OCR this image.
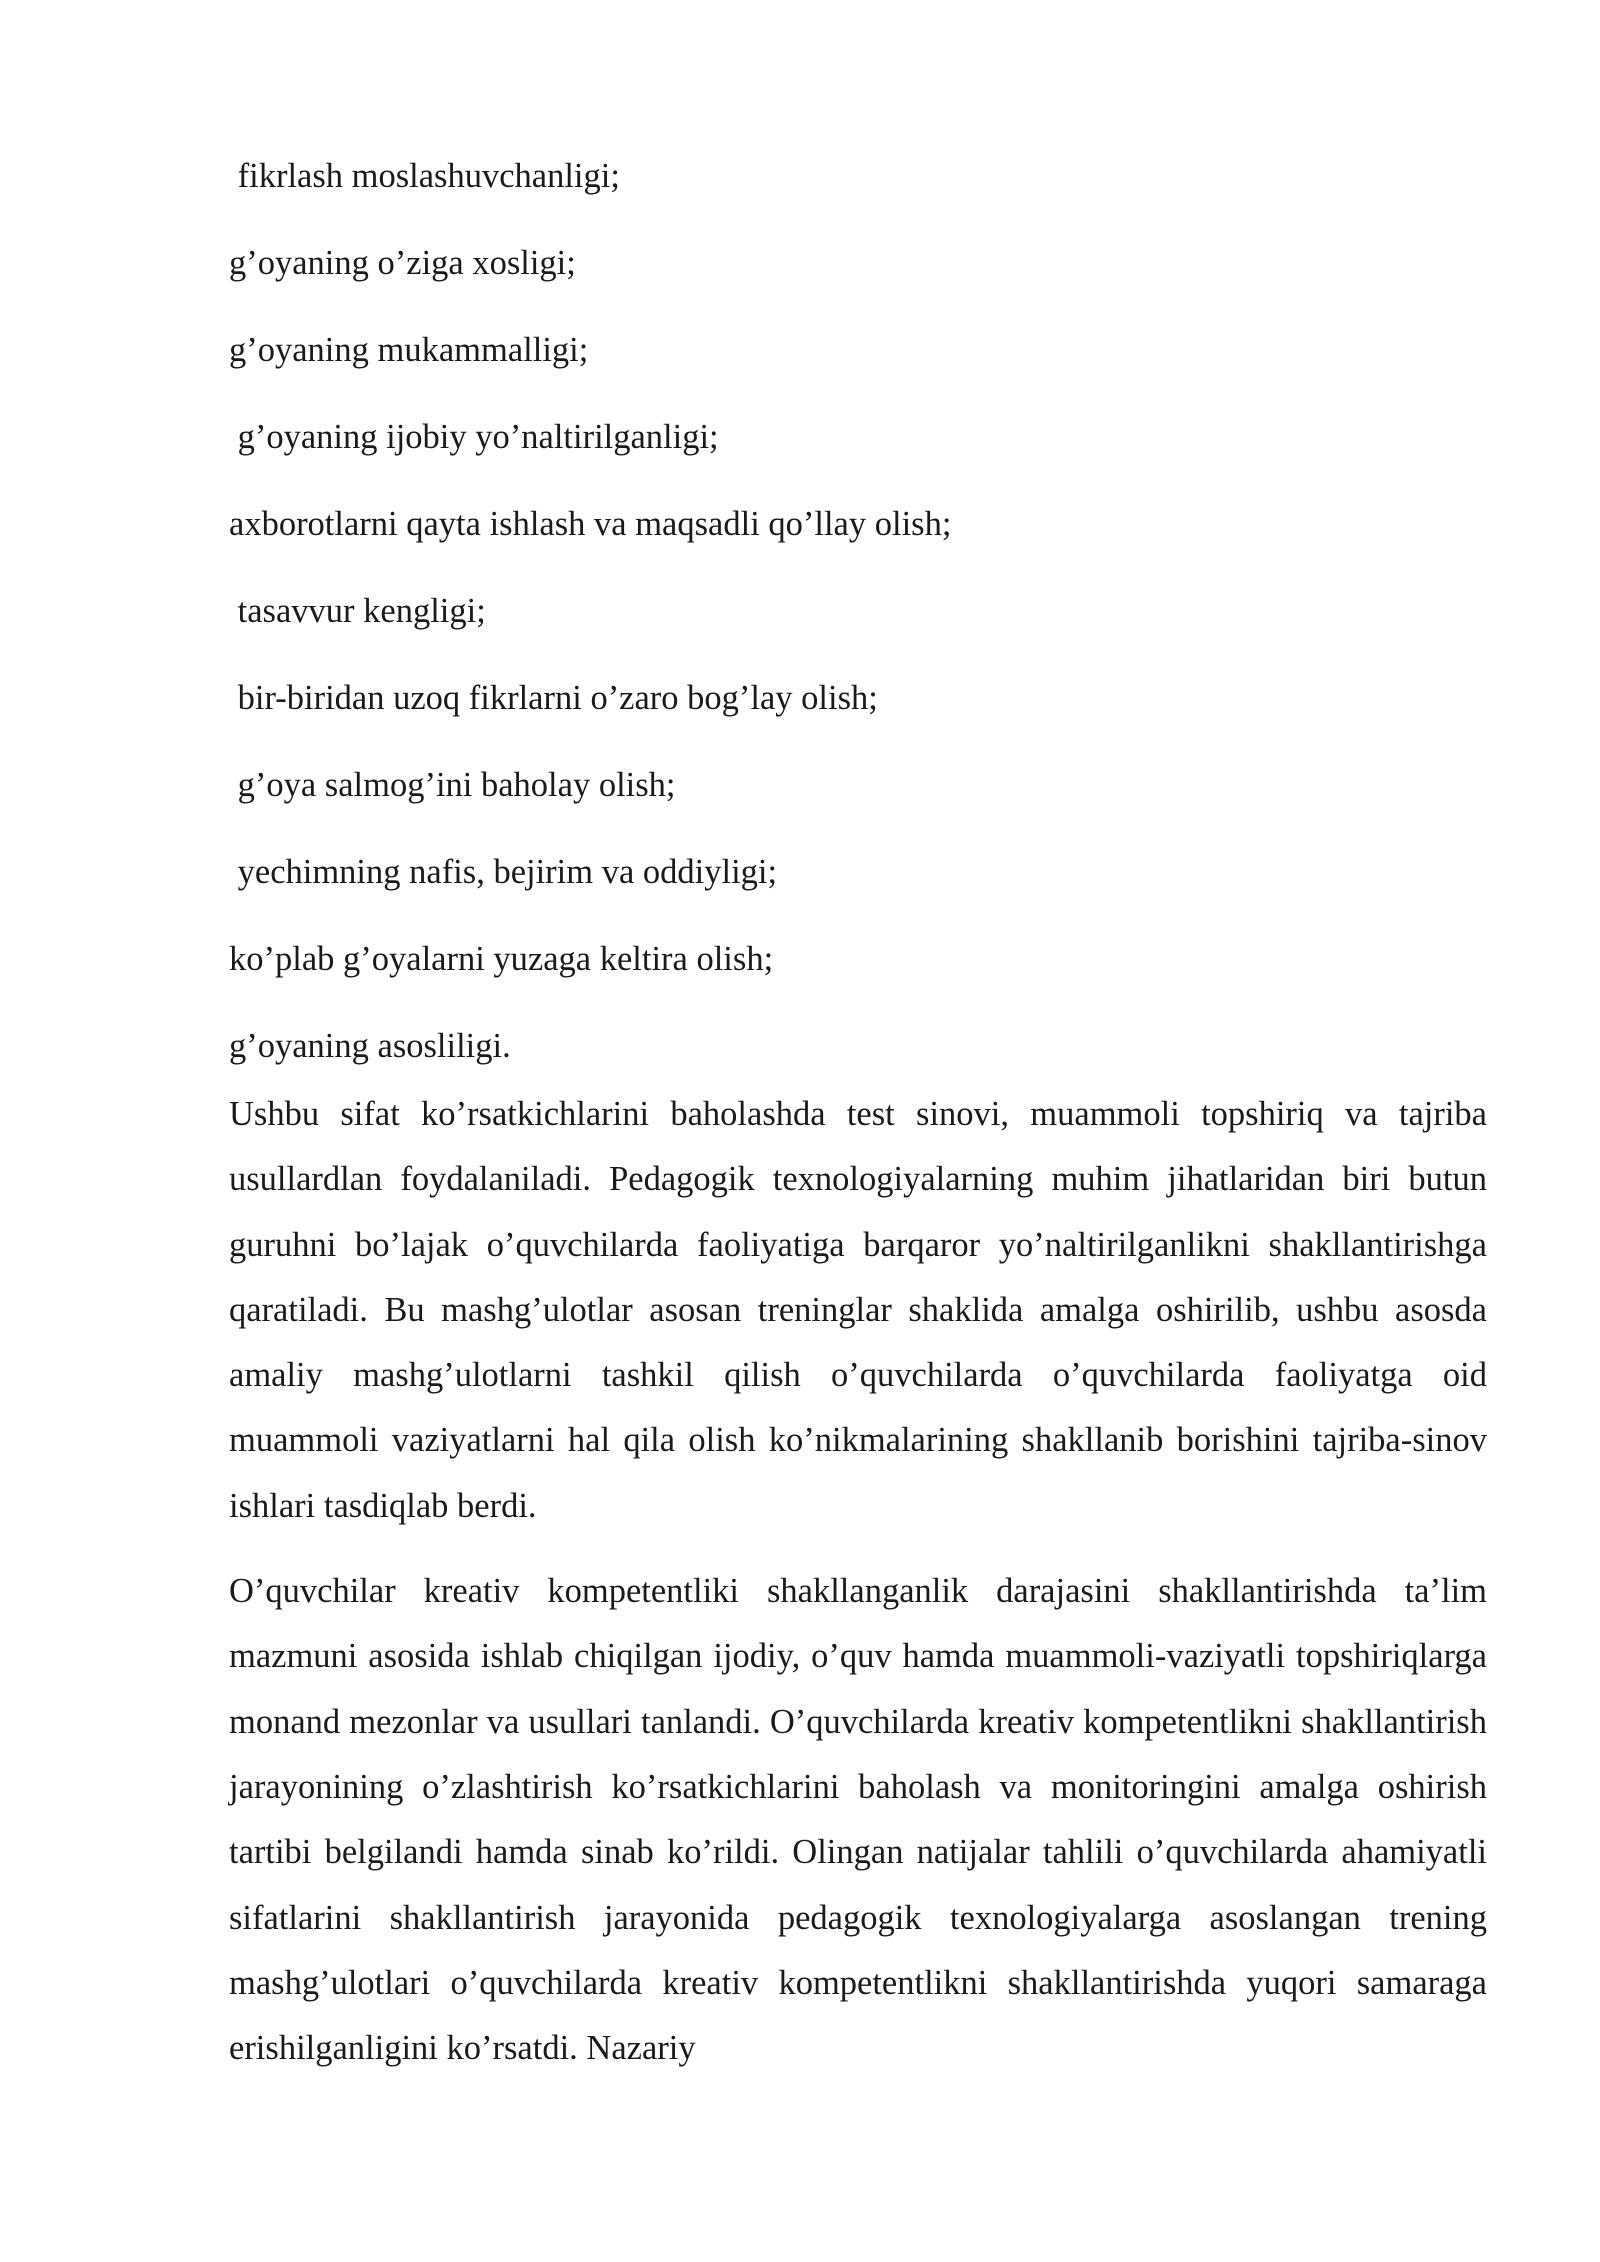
fikrlash moslashuvchanligi;
g’oyaning o’ziga xosligi;
g’oyaning mukammalligi;
g’oyaning ijobiy yo’naltirilganligi;
axborotlarni qayta ishlash va maqsadli qo’llay olish;
tasavvur kengligi;
bir-biridan uzoq fikrlarni o’zaro bog’lay olish;
g’oya salmog’ini baholay olish;
yechimning nafis, bejirim va oddiyligi;
ko’plab g’oyalarni yuzaga keltira olish;
g’oyaning asosliligi.

Ushbu sifat ko’rsatkichlarini baholashda test sinovi, muammoli topshiriq va tajriba usullardlan foydalaniladi. Pedagogik texnologiyalarning muhim jihatlaridan biri butun guruhni bo’lajak o’quvchilarda faoliyatiga barqaror yo’naltirilganlikni shakllantirishga qaratiladi. Bu mashg’ulotlar asosan treninglar shaklida amalga oshirilib, ushbu asosda amaliy mashg’ulotlarni tashkil qilish o’quvchilarda o’quvchilarda faoliyatga oid muammoli vaziyatlarni hal qila olish ko’nikmalarining shakllanib borishini tajriba-sinov ishlari tasdiqlab berdi.

O’quvchilar kreativ kompetentliki shakllanganlik darajasini shakllantirishda ta’lim mazmuni asosida ishlab chiqilgan ijodiy, o’quv hamda muammoli-vaziyatli topshiriqlarga monand mezonlar va usullari tanlandi. O’quvchilarda kreativ kompetentlikni shakllantirish jarayonining o’zlashtirish ko’rsatkichlarini baholash va monitoringini amalga oshirish tartibi belgilandi hamda sinab ko’rildi. Olingan natijalar tahlili o’quvchilarda ahamiyatli sifatlarini shakllantirish jarayonida pedagogik texnologiyalarga asoslangan trening mashg’ulotlari o’quvchilarda kreativ kompetentlikni shakllantirishda yuqori samaraga erishilganligini ko’rsatdi. Nazariy
